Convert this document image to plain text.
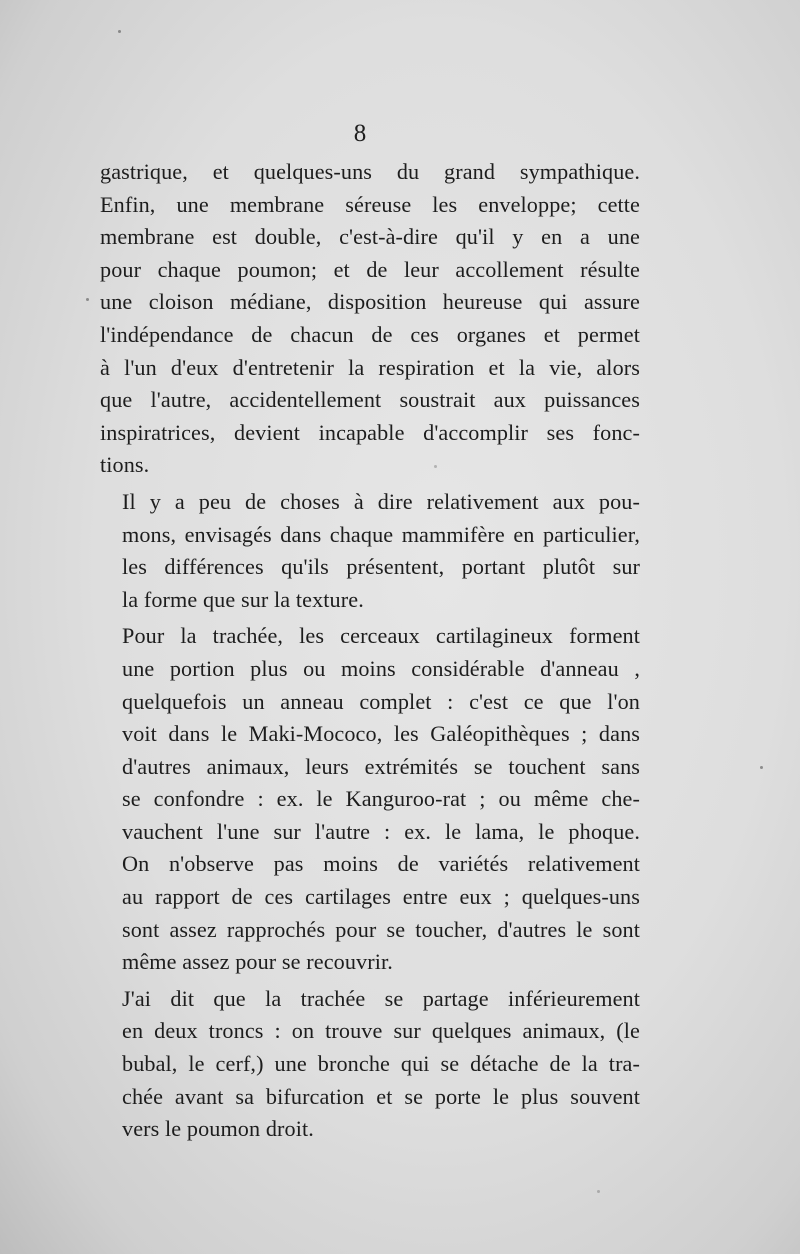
8

gastrique, et quelques-uns du grand sympathique.
Enfin, une membrane séreuse les enveloppe; cette
membrane est double, c'est-à-dire qu'il y en a une
pour chaque poumon; et de leur accollement résulte
une cloison médiane, disposition heureuse qui assure
l'indépendance de chacun de ces organes et permet
à l'un d'eux d'entretenir la respiration et la vie, alors
que l'autre, accidentellement soustrait aux puissances
inspiratrices, devient incapable d'accomplir ses fonc-
tions.

Il y a peu de choses à dire relativement aux pou-
mons, envisagés dans chaque mammifère en particulier,
les différences qu'ils présentent, portant plutôt sur
la forme que sur la texture.

Pour la trachée, les cerceaux cartilagineux forment
une portion plus ou moins considérable d'anneau ,
quelquefois un anneau complet : c'est ce que l'on
voit dans le Maki-Mococo, les Galéopithèques ; dans
d'autres animaux, leurs extrémités se touchent sans
se confondre : ex. le Kanguroo-rat ; ou même che-
vauchent l'une sur l'autre : ex. le lama, le phoque.
On n'observe pas moins de variétés relativement
au rapport de ces cartilages entre eux ; quelques-uns
sont assez rapprochés pour se toucher, d'autres le sont
même assez pour se recouvrir.

J'ai dit que la trachée se partage inférieurement
en deux troncs : on trouve sur quelques animaux, (le
bubal, le cerf,) une bronche qui se détache de la tra-
chée avant sa bifurcation et se porte le plus souvent
vers le poumon droit.
